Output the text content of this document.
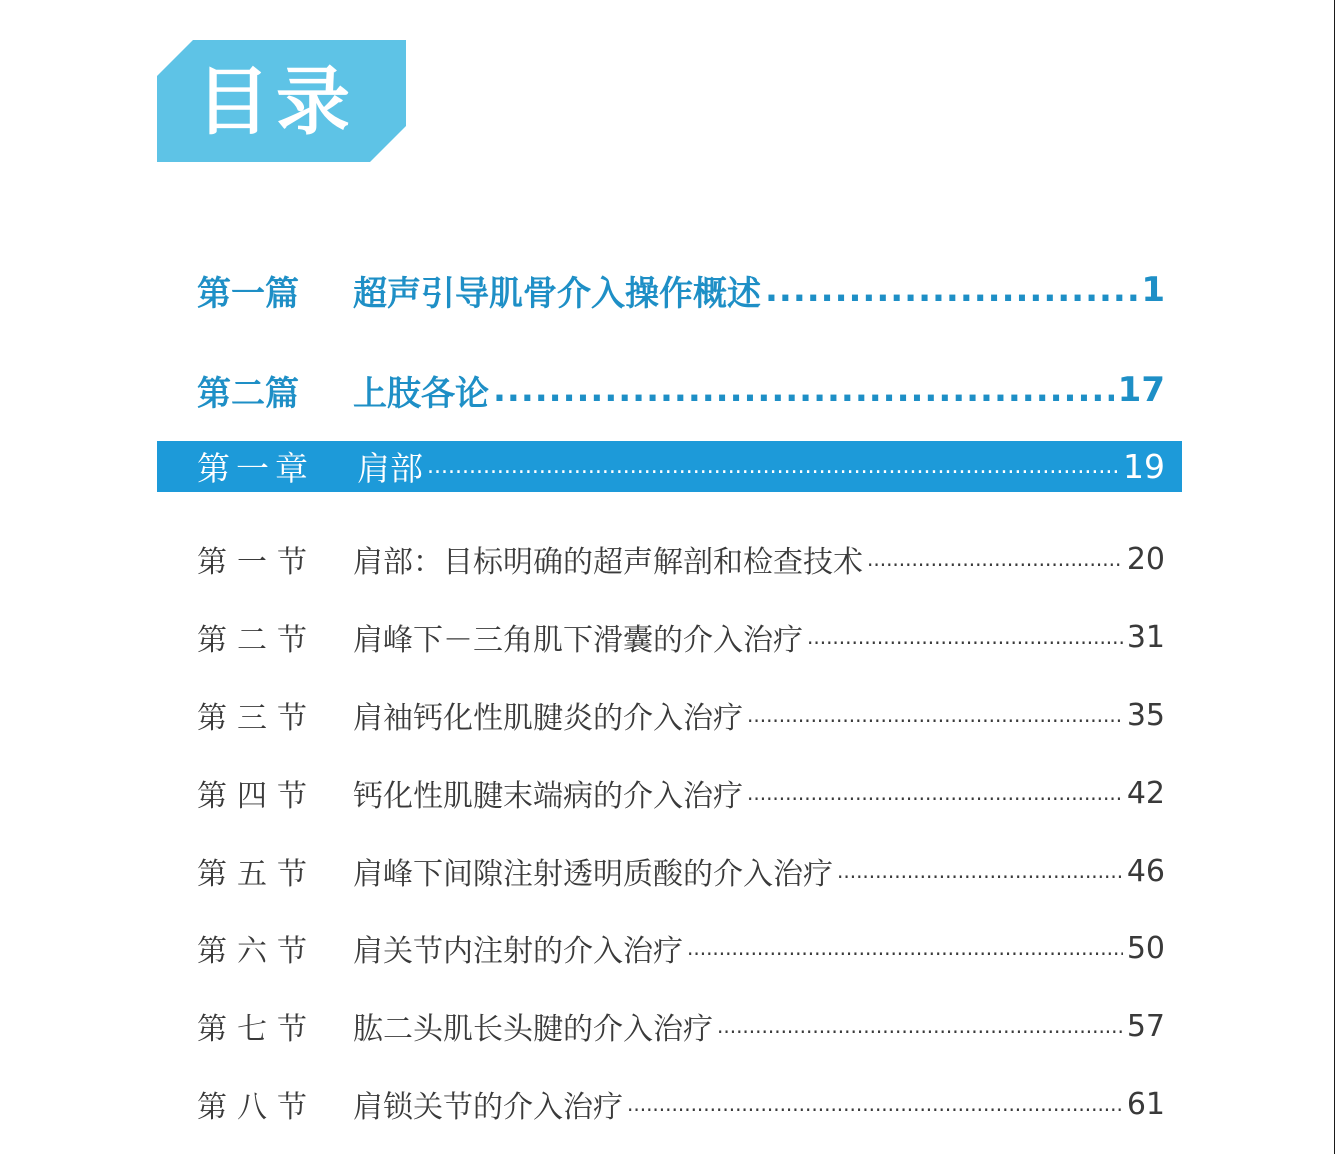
目录
第一篇	超声引导肌骨介入操作概述 .....	1
第二篇	上肢各论 .....	17
第一章	肩部 .....	19
第一节	肩部：目标明确的超声解剖和检查技术 .....	20
第二节	肩峰下－三角肌下滑囊的介入治疗 .....	31
第三节	肩袖钙化性肌腱炎的介入治疗 .....	35
第四节	钙化性肌腱末端病的介入治疗 .....	42
第五节	肩峰下间隙注射透明质酸的介入治疗 .....	46
第六节	肩关节内注射的介入治疗 .....	50
第七节	肱二头肌长头腱的介入治疗 .....	57
第八节	肩锁关节的介入治疗 .....	61
